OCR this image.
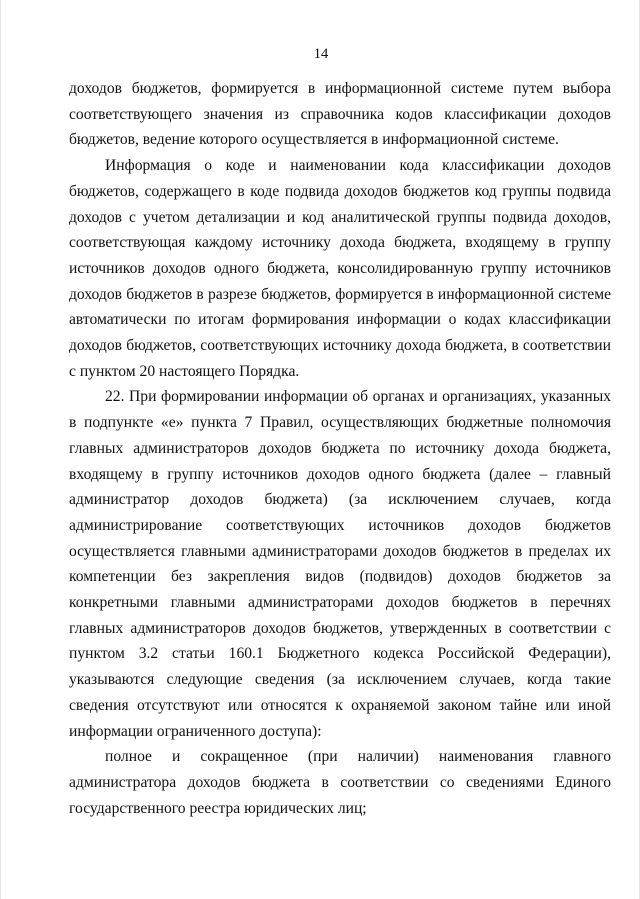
14

доходов бюджетов, формируется в информационной системе путем выбора соответствующего значения из справочника кодов классификации доходов бюджетов, ведение которого осуществляется в информационной системе.

Информация о коде и наименовании кода классификации доходов бюджетов, содержащего в коде подвида доходов бюджетов код группы подвида доходов с учетом детализации и код аналитической группы подвида доходов, соответствующая каждому источнику дохода бюджета, входящему в группу источников доходов одного бюджета, консолидированную группу источников доходов бюджетов в разрезе бюджетов, формируется в информационной системе автоматически по итогам формирования информации о кодах классификации доходов бюджетов, соответствующих источнику дохода бюджета, в соответствии с пунктом 20 настоящего Порядка.

22. При формировании информации об органах и организациях, указанных в подпункте «е» пункта 7 Правил, осуществляющих бюджетные полномочия главных администраторов доходов бюджета по источнику дохода бюджета, входящему в группу источников доходов одного бюджета (далее – главный администратор доходов бюджета) (за исключением случаев, когда администрирование соответствующих источников доходов бюджетов осуществляется главными администраторами доходов бюджетов в пределах их компетенции без закрепления видов (подвидов) доходов бюджетов за конкретными главными администраторами доходов бюджетов в перечнях главных администраторов доходов бюджетов, утвержденных в соответствии с пунктом 3.2 статьи 160.1 Бюджетного кодекса Российской Федерации), указываются следующие сведения (за исключением случаев, когда такие сведения отсутствуют или относятся к охраняемой законом тайне или иной информации ограниченного доступа):

полное и сокращенное (при наличии) наименования главного администратора доходов бюджета в соответствии со сведениями Единого государственного реестра юридических лиц;
